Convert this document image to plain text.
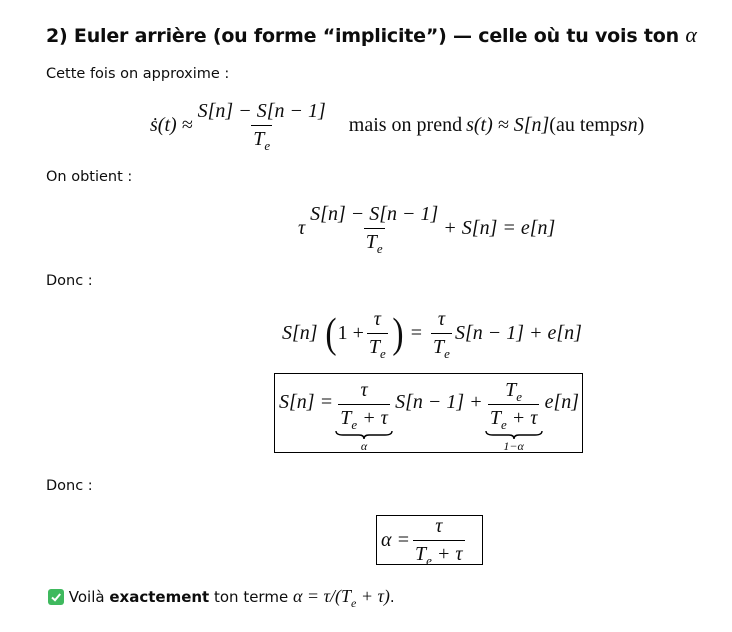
2) Euler arrière (ou forme “implicite”) — celle où tu vois ton α
Cette fois on approxime :
ṡ(t) ≈ $\frac{S[n] - S[n - 1]}{T_e}$ mais on prend s(t) ≈ S[n] (au temps n )
On obtient :
τ $\frac{S[n] - S[n - 1]}{T_e} + S[n] = e[n]$
Donc :
S[n] ( $1 + \frac{\tau}{T_e}$ ) = $\frac{\tau}{T_e} S[n - 1] + e[n]$
$S[n] = \frac{\tau}{T_e + \tau}$
α
$S[n - 1] + \frac{T_e}{T_e + \tau}$
1−α
e[n]
Donc :
$\alpha = \frac{\tau}{T_e + \tau}$
Voilà exactement ton terme $\alpha = \tau/(T_e + \tau)$.
